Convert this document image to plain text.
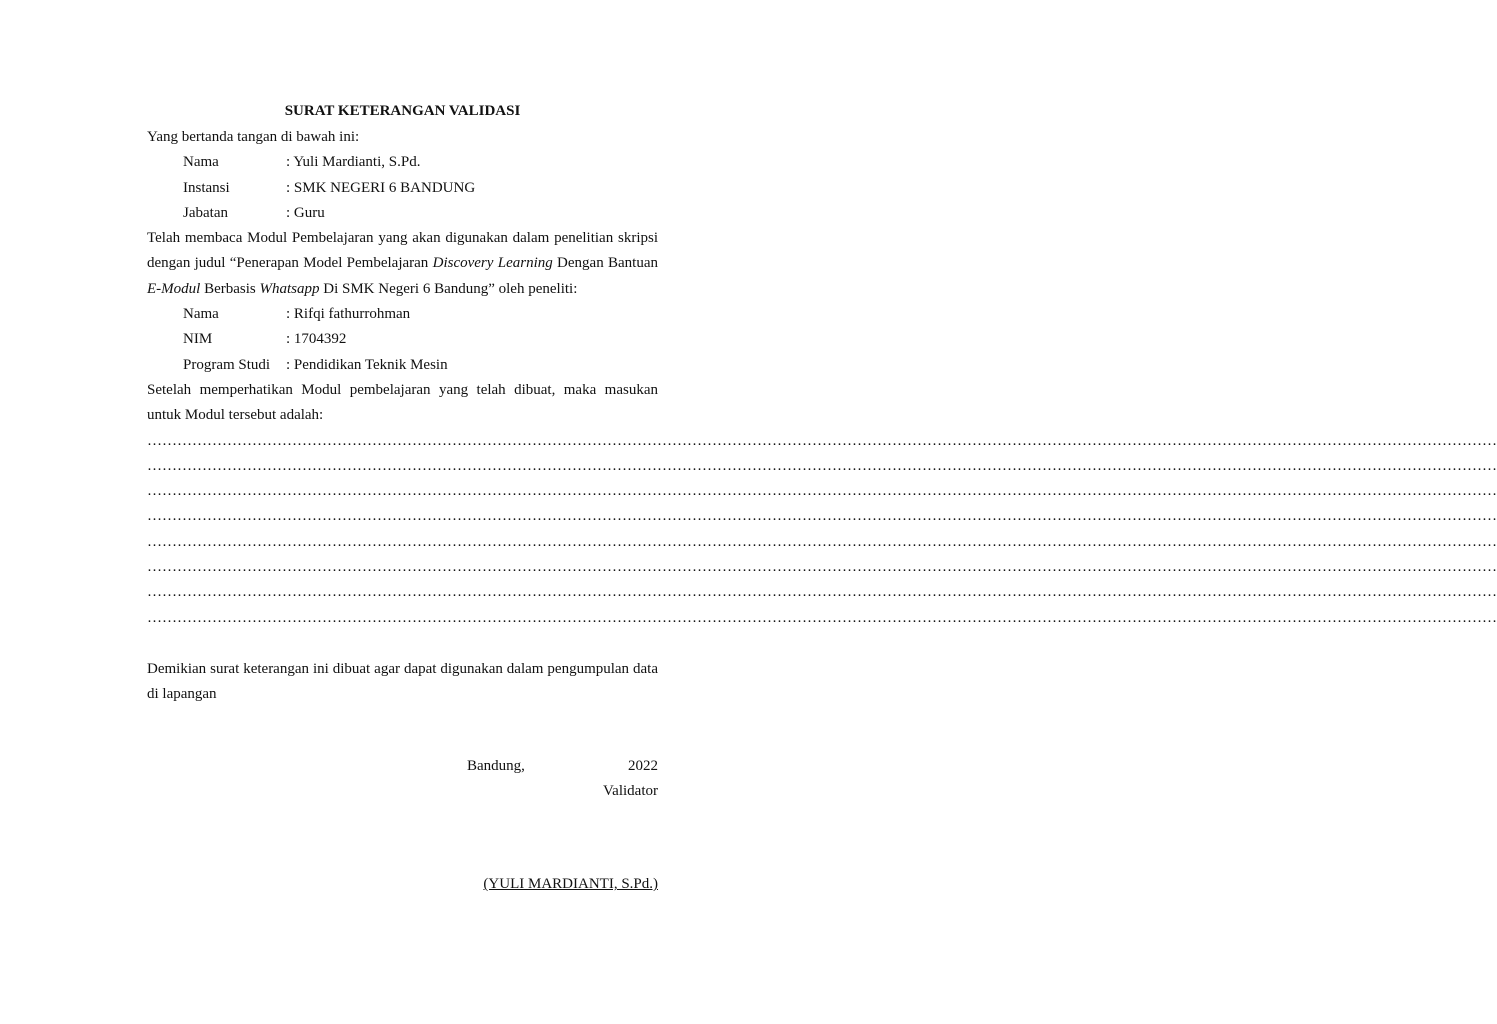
SURAT KETERANGAN VALIDASI

Yang bertanda tangan di bawah ini:
Nama	: Yuli Mardianti, S.Pd.
Instansi	: SMK NEGERI 6 BANDUNG
Jabatan	: Guru

Telah membaca Modul Pembelajaran yang akan digunakan dalam penelitian skripsi dengan judul “Penerapan Model Pembelajaran Discovery Learning Dengan Bantuan E-Modul Berbasis Whatsapp Di SMK Negeri 6 Bandung” oleh peneliti:

Nama	: Rifqi fathurrohman
NIM	: 1704392
Program Studi	: Pendidikan Teknik Mesin

Setelah memperhatikan Modul pembelajaran yang telah dibuat, maka masukan untuk Modul tersebut adalah:

………………………………………………………………………………………………………………………………………………………………………………………………………………………………………………
………………………………………………………………………………………………………………………………………………………………………………………………………………………………………………
………………………………………………………………………………………………………………………………………………………………………………………………………………………………………………
………………………………………………………………………………………………………………………………………………………………………………………………………………………………………………
………………………………………………………………………………………………………………………………………………………………………………………………………………………………………………
………………………………………………………………………………………………………………………………………………………………………………………………………………………………………………
………………………………………………………………………………………………………………………………………………………………………………………………………………………………………………
………………………………………………………………………………………………………………………………………………………………………………………………………………………………………………

Demikian surat keterangan ini dibuat agar dapat digunakan dalam pengumpulan data di lapangan

Bandung,	2022
Validator
(YULI MARDIANTI, S.Pd.)
